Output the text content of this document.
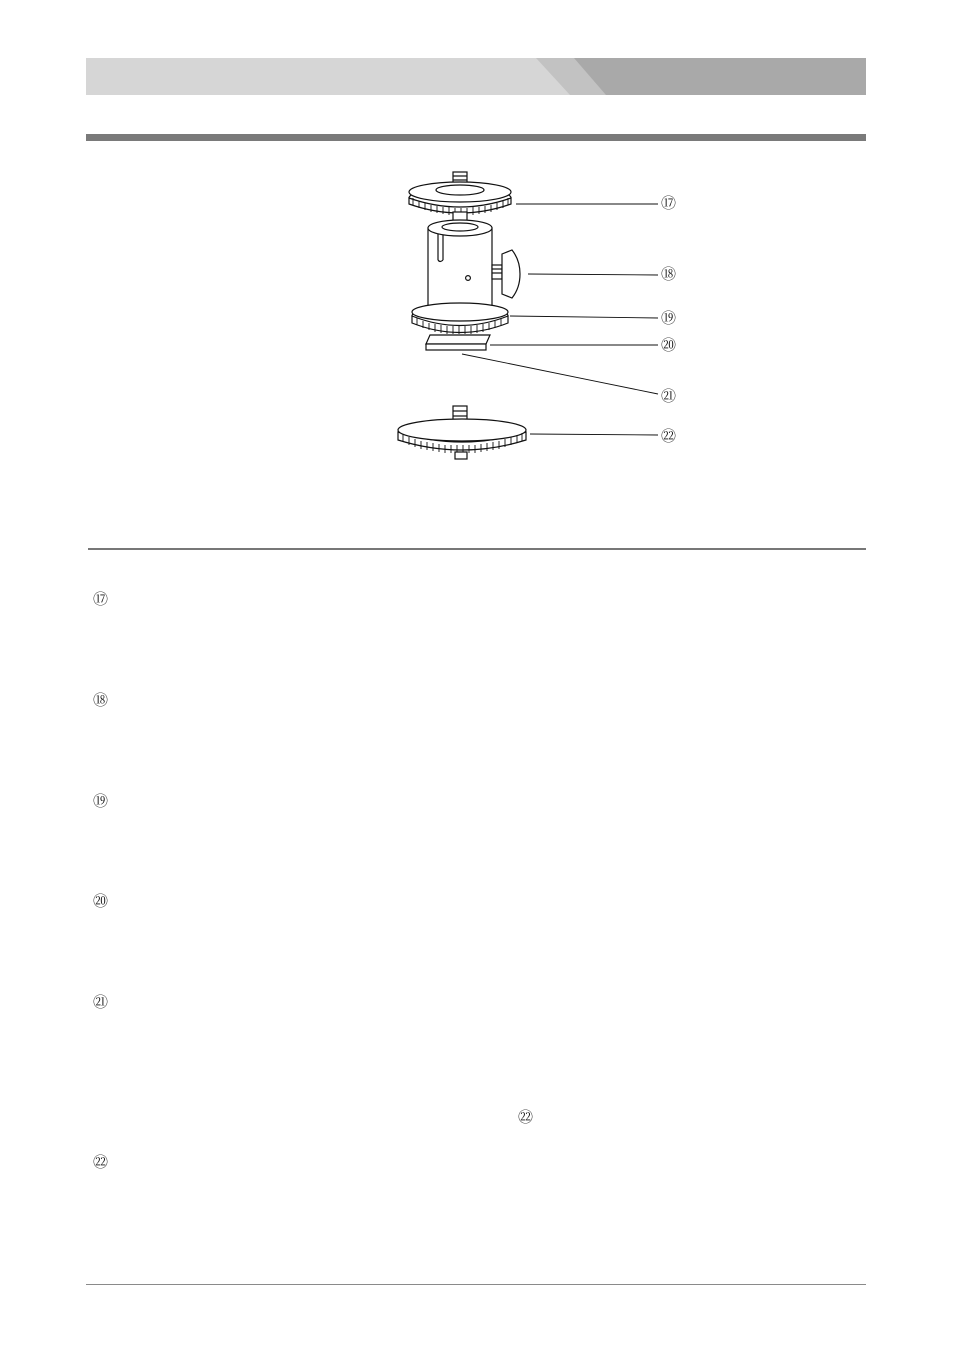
⑰
⑱
⑲
⑳
㉑
㉒
⑰
⑱
⑲
⑳
㉑
㉒
㉒
